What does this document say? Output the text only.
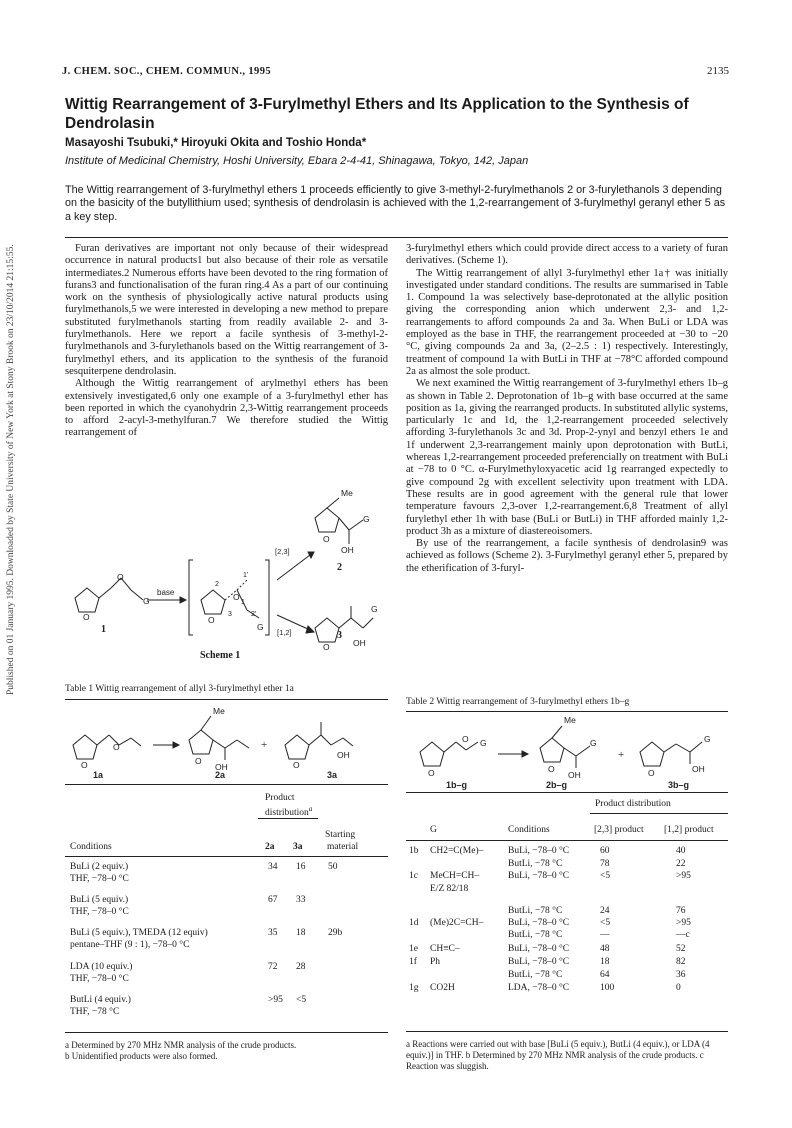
Published on 01 January 1995. Downloaded by State University of New York at Stony Brook on 23/10/2014 21:15:55.
J. CHEM. SOC., CHEM. COMMUN., 1995	2135
Wittig Rearrangement of 3-Furylmethyl Ethers and Its Application to the Synthesis of Dendrolasin
Masayoshi Tsubuki,* Hiroyuki Okita and Toshio Honda*
Institute of Medicinal Chemistry, Hoshi University, Ebara 2-4-41, Shinagawa, Tokyo, 142, Japan
The Wittig rearrangement of 3-furylmethyl ethers 1 proceeds efficiently to give 3-methyl-2-furylmethanols 2 or 3-furylethanols 3 depending on the basicity of the butyllithium used; synthesis of dendrolasin is achieved with the 1,2-rearrangement of 3-furylmethyl geranyl ether 5 as a key step.

Furan derivatives are important not only because of their widespread occurrence in natural products1 but also because of their role as versatile intermediates.2 Numerous efforts have been devoted to the ring formation of furans3 and functionalisation of the furan ring.4 As a part of our continuing work on the synthesis of physiologically active natural products using furylmethanols,5 we were interested in developing a new method to prepare substituted furylmethanols starting from readily available 2- and 3-furylmethanols. Here we report a facile synthesis of 3-methyl-2-furylmethanols and 3-furylethanols based on the Wittig rearrangement of 3-furylmethyl ethers, and its application to the synthesis of the furanoid sesquiterpene dendrolasin.

Although the Wittig rearrangement of arylmethyl ethers has been extensively investigated,6 only one example of a 3-furylmethyl ether has been reported in which the cyanohydrin 2,3-Wittig rearrangement proceeds to afford 2-acyl-3-methylfuran.7 We therefore studied the Wittig rearrangement of

3-furylmethyl ethers which could provide direct access to a variety of furan derivatives. (Scheme 1).

The Wittig rearrangement of allyl 3-furylmethyl ether 1a† was initially investigated under standard conditions. The results are summarised in Table 1. Compound 1a was selectively base-deprotonated at the allylic position giving the corresponding anion which underwent 2,3- and 1,2-rearrangements to afford compounds 2a and 3a. When BuLi or LDA was employed as the base in THF, the rearrangement proceeded at −30 to −20 °C, giving compounds 2a and 3a, (2–2.5 : 1) respectively. Interestingly, treatment of compound 1a with ButLi in THF at −78°C afforded compound 2a as almost the sole product.

We next examined the Wittig rearrangement of 3-furylmethyl ethers 1b–g as shown in Table 2. Deprotonation of 1b–g with base occurred at the same position as 1a, giving the rearranged products. In substituted allylic systems, particularly 1c and 1d, the 1,2-rearrangement proceeded selectively affording 3-furylethanols 3c and 3d. Prop-2-ynyl and benzyl ethers 1e and 1f underwent 2,3-rearrangement mainly upon deprotonation with ButLi, whereas 1,2-rearrangement proceeded preferencially on treatment with BuLi at −78 to 0 °C. α-Furylmethyloxyacetic acid 1g rearranged expectedly to give compound 2g with excellent selectivity upon treatment with LDA. These results are in good agreement with the general rule that lower temperature favours 2,3-over 1,2-rearrangement.6,8 Treatment of allyl furylethyl ether 1h with base (BuLi or ButLi) in THF afforded mainly 1,2-product 3h as a mixture of diastereoisomers.

By use of the rearrangement, a facile synthesis of dendrolasin9 was achieved as follows (Scheme 2). 3-Furylmethyl geranyl ether 5, prepared by the etherification of 3-furyl-

O
O
G
1
base	O
O
G
2
1
3
1'
2'
[2,3]
[1,2]
Me
G
OH
O
2
G
OH
O
3
Scheme 1
Table 1 Wittig rearrangement of allyl 3-furylmethyl ether 1a
O
O
Me
OH
O
+
OH
O
1a	2a	3a
Product
distribution$^a$
Starting
Conditions	2a 3a	material
BuLi (2 equiv.)
THF, −78–0 °C
34 16 50
BuLi (5 equiv.)
THF, −78–0 °C
67 33
BuLi (5 equiv.), TMEDA (12 equiv)
pentane–THF (9 : 1), −78–0 °C
35 18 29b
LDA (10 equiv.)
THF, −78–0 °C
72 28
ButLi (4 equiv.)
THF, −78 °C
>95 <5
a Determined by 270 MHz NMR analysis of the crude products.
b Unidentified products were also formed.
Table 2 Wittig rearrangement of 3-furylmethyl ethers 1b–g
O G
O
Me
G
OH
O
+
G
OH
O
1b–g	2b–g	3b–g
Product distribution
G	Conditions	[2,3] product [1,2] product
1b CH2=C(Me)–	BuLi, −78–0 °C	60	40
ButLi, −78 °C	78	22
1c MeCH=CH–	BuLi, −78–0 °C	<5	>95
E/Z 82/18
ButLi, −78 °C	24	76
1d (Me)2C=CH–	BuLi, −78–0 °C	<5	>95
ButLi, −78 °C	—	—c
1e CH≡C–	BuLi, −78–0 °C	48	52
1f Ph	BuLi, −78–0 °C	18	82
ButLi, −78 °C	64	36
1g CO2H	LDA, −78–0 °C	100	0
a Reactions were carried out with base [BuLi (5 equiv.), ButLi (4 equiv.), or LDA (4 equiv.)] in THF. b Determined by 270 MHz NMR analysis of the crude products. c Reaction was sluggish.
